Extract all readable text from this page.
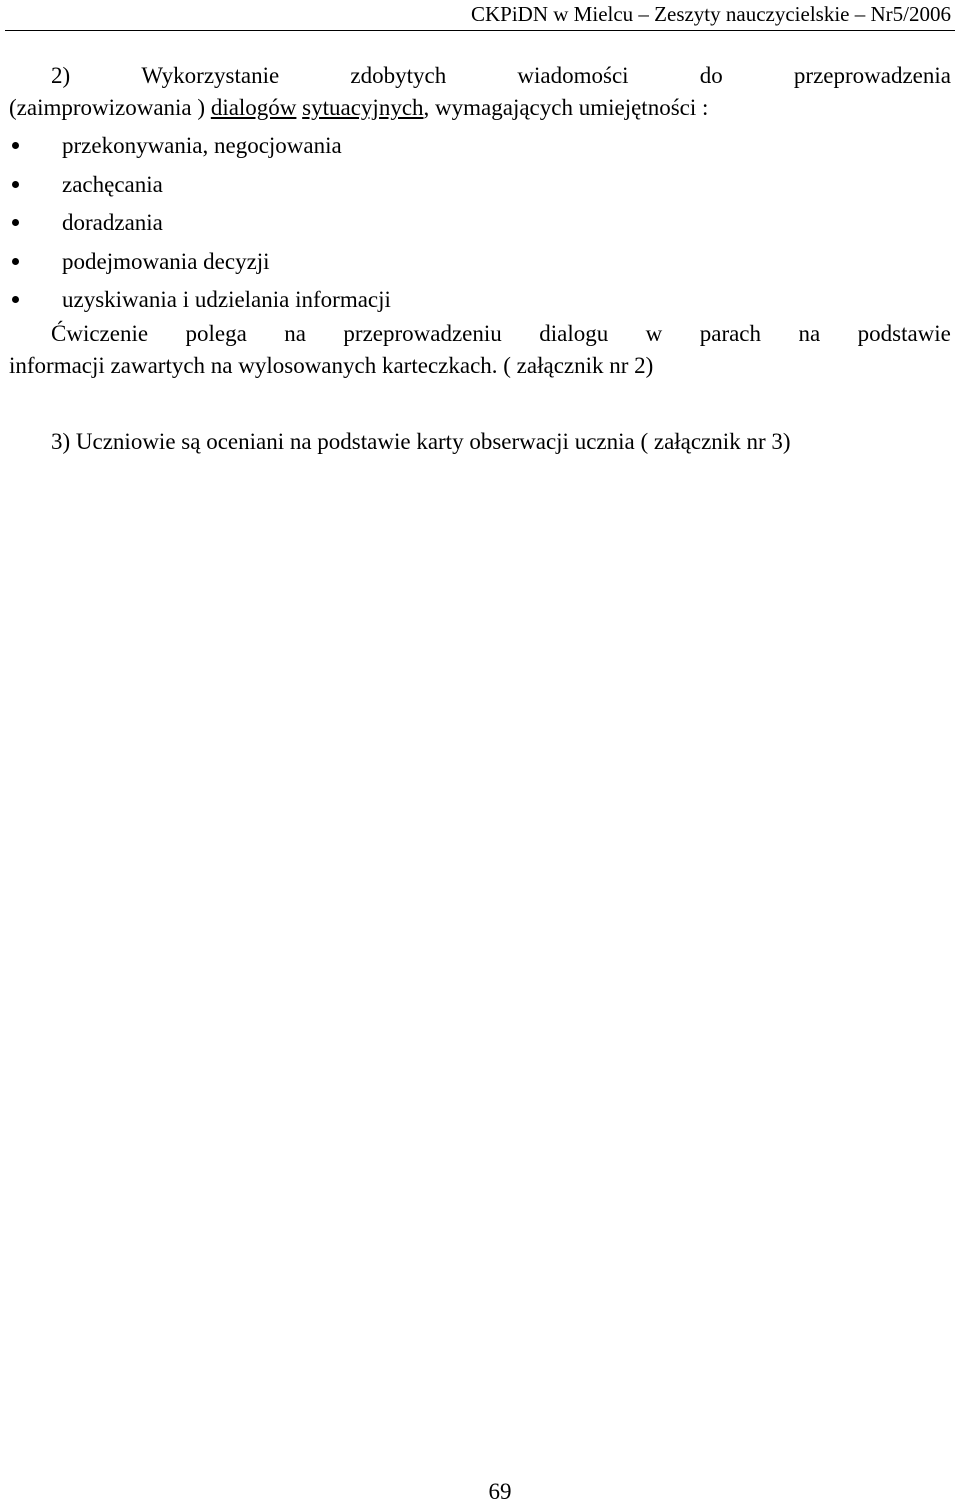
CKPiDN w Mielcu – Zeszyty nauczycielskie – Nr5/2006
2)	Wykorzystanie	zdobytych	wiadomości	do	przeprowadzenia
(zaimprowizowania ) dialogów sytuacyjnych, wymagających umiejętności :
przekonywania, negocjowania
zachęcania
doradzania
podejmowania decyzji
uzyskiwania i udzielania informacji
Ćwiczenie polega na przeprowadzeniu dialogu w parach na podstawie
informacji zawartych na wylosowanych karteczkach. ( załącznik nr 2)
3) Uczniowie są oceniani na podstawie karty obserwacji ucznia ( załącznik nr 3)
69
